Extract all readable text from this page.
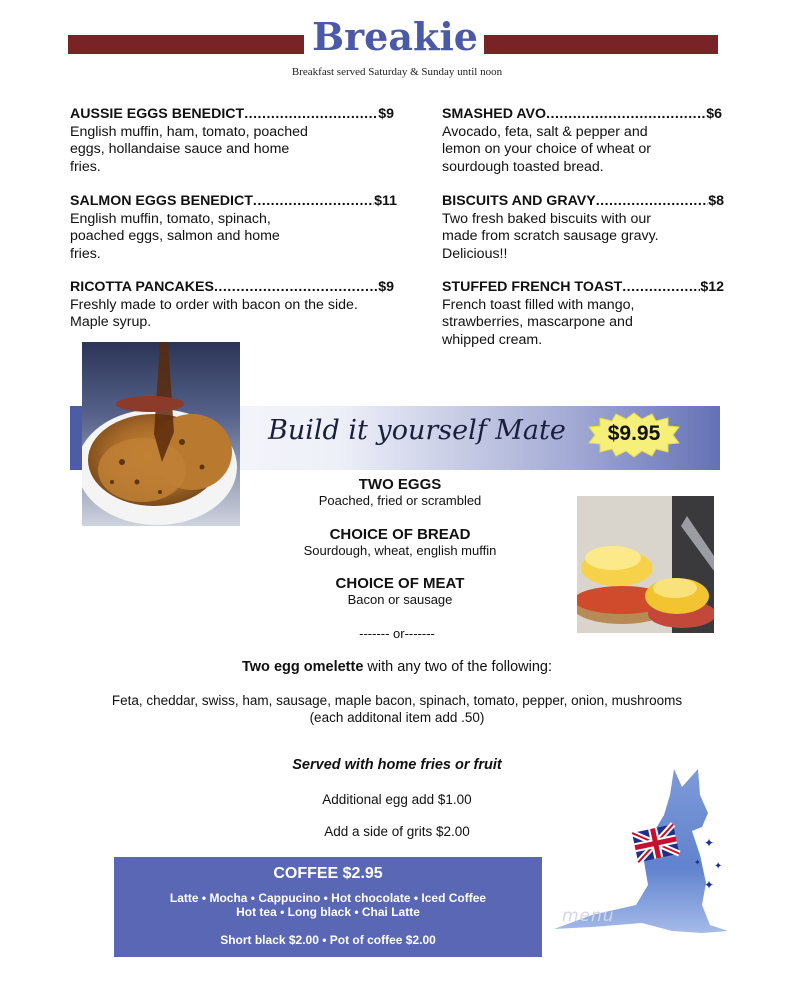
Breakie
Breakfast served Saturday & Sunday until noon
AUSSIE EGGS BENEDICT .....	$9
English muffin, ham, tomato, poached eggs, hollandaise sauce and home fries.
SALMON EGGS BENEDICT .....	$11
English muffin, tomato, spinach, poached eggs, salmon and home fries.
RICOTTA PANCAKES .....	$9
Freshly made to order with bacon on the side. Maple syrup.
SMASHED AVO .....	$6
Avocado, feta, salt & pepper and lemon on your choice of wheat or sourdough toasted bread.
BISCUITS AND GRAVY .....	$8
Two fresh baked biscuits with our made from scratch sausage gravy. Delicious!!
STUFFED FRENCH TOAST .....	$12
French toast filled with mango, strawberries, mascarpone and whipped cream.
Build it yourself Mate	$9.95
TWO EGGS
Poached, fried or scrambled
CHOICE OF BREAD
Sourdough, wheat, english muffin
CHOICE OF MEAT
Bacon or sausage
------- or-------
Two egg omelette with any two of the following:
Feta, cheddar, swiss, ham, sausage, maple bacon, spinach, tomato, pepper, onion, mushrooms
(each additonal item add .50)
Served with home fries or fruit
Additional egg add $1.00
Add a side of grits $2.00
✦
✦
✦
✦
COFFEE $2.95
Latte • Mocha • Cappucino • Hot chocolate • Iced Coffee
Hot tea • Long black • Chai Latte
Short black $2.00 • Pot of coffee $2.00
menu
